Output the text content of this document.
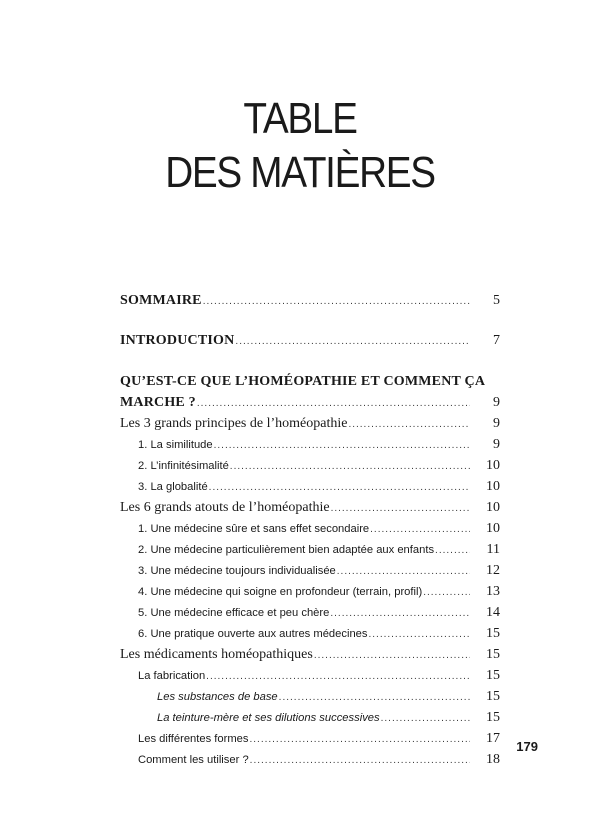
TABLE
DES MATIÈRES
SOMMAIRE .....	5
INTRODUCTION .....	7
QU’EST-CE QUE L’HOMÉOPATHIE ET COMMENT ÇA
MARCHE ? .....	9
Les 3 grands principes de l’homéopathie .....	9
1. La similitude .....	9
2. L’infinitésimalité .....	10
3. La globalité .....	10
Les 6 grands atouts de l’homéopathie .....	10
1. Une médecine sûre et sans effet secondaire .....	10
2. Une médecine particulièrement bien adaptée aux enfants .....	11
3. Une médecine toujours individualisée .....	12
4. Une médecine qui soigne en profondeur (terrain, profil) .....	13
5. Une médecine efficace et peu chère .....	14
6. Une pratique ouverte aux autres médecines .....	15
Les médicaments homéopathiques .....	15
La fabrication .....	15
Les substances de base .....	15
La teinture-mère et ses dilutions successives .....	15
Les différentes formes .....	17
Comment les utiliser ? .....	18
179
